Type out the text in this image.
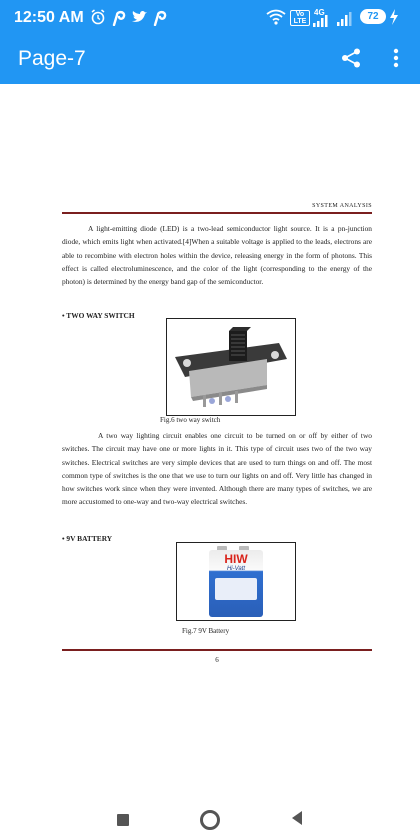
12:50 AM	Vo LTE
4G	72
Page-7
SYSTEM ANALYSIS
A light-emitting diode (LED) is a two-lead semiconductor light source. It is a pn-junction diode, which emits light when activated.[4]When a suitable voltage is applied to the leads, electrons are able to recombine with electron holes within the device, releasing energy in the form of photons. This effect is called electroluminescence, and the color of the light (corresponding to the energy of the photon) is determined by the energy band gap of the semiconductor.
• TWO WAY SWITCH
Fig.6 two way switch
A two way lighting circuit enables one circuit to be turned on or off by either of two switches. The circuit may have one or more lights in it. This type of circuit uses two of the two way switches. Electrical switches are very simple devices that are used to turn things on and off. The most common type of switches is the one that we use to turn our lights on and off. Very little has changed in how switches work since when they were invented. Although there are many types of switches, we are more accustomed to one-way and two-way electrical switches.
• 9V BATTERY
HIW
Hi-Vatt
Fig.7 9V Battery
6
